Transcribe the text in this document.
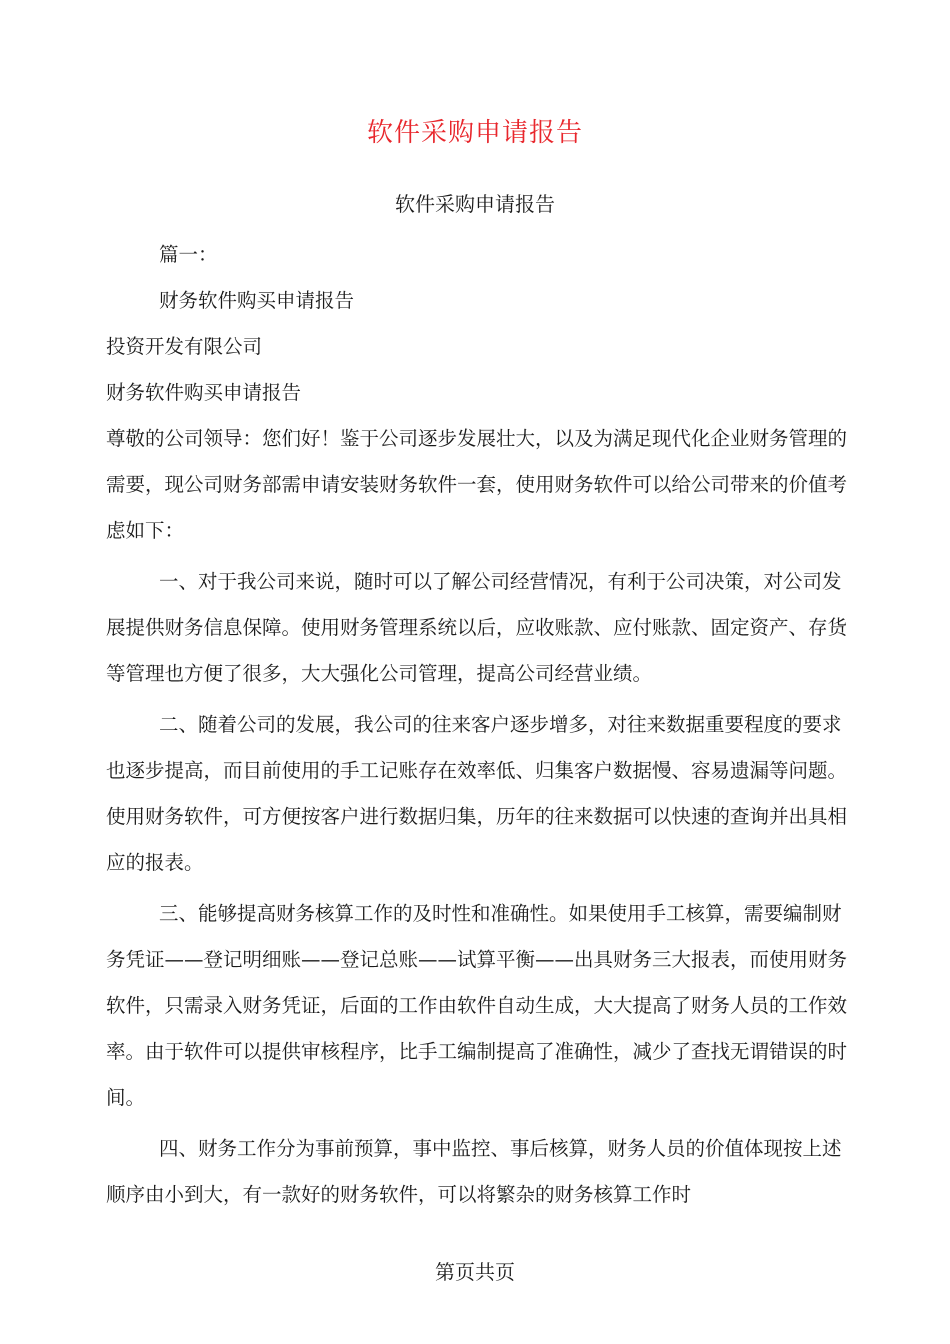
软件采购申请报告

软件采购申请报告

篇一：

财务软件购买申请报告

投资开发有限公司

财务软件购买申请报告

尊敬的公司领导：您们好！鉴于公司逐步发展壮大，以及为满足现代化企业财务管理的需要，现公司财务部需申请安装财务软件一套，使用财务软件可以给公司带来的价值考虑如下：

一、对于我公司来说，随时可以了解公司经营情况，有利于公司决策，对公司发展提供财务信息保障。使用财务管理系统以后，应收账款、应付账款、固定资产、存货等管理也方便了很多，大大强化公司管理，提高公司经营业绩。

二、随着公司的发展，我公司的往来客户逐步增多，对往来数据重要程度的要求也逐步提高，而目前使用的手工记账存在效率低、归集客户数据慢、容易遗漏等问题。使用财务软件，可方便按客户进行数据归集，历年的往来数据可以快速的查询并出具相应的报表。

三、能够提高财务核算工作的及时性和准确性。如果使用手工核算，需要编制财务凭证——登记明细账——登记总账——试算平衡——出具财务三大报表，而使用财务软件，只需录入财务凭证，后面的工作由软件自动生成，大大提高了财务人员的工作效率。由于软件可以提供审核程序，比手工编制提高了准确性，减少了查找无谓错误的时间。

四、财务工作分为事前预算，事中监控、事后核算，财务人员的价值体现按上述顺序由小到大，有一款好的财务软件，可以将繁杂的财务核算工作时

第页共页
